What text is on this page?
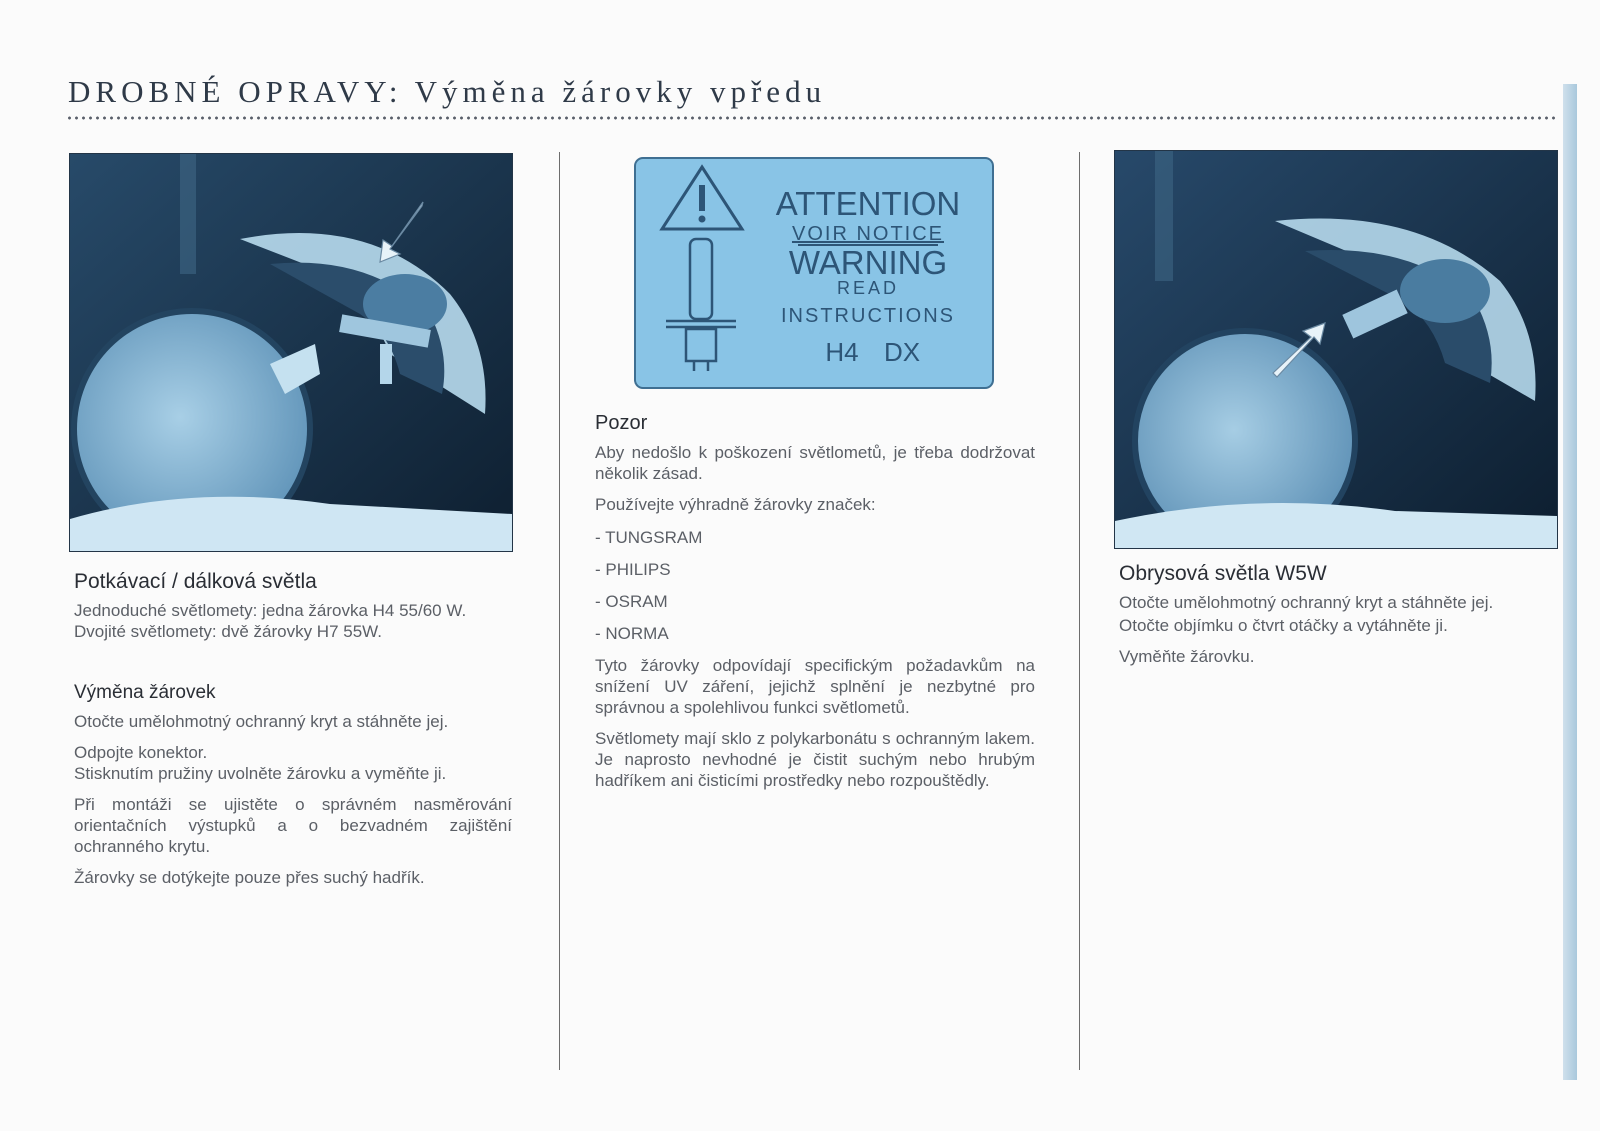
DROBNÉ OPRAVY: Výměna žárovky vpředu
Potkávací / dálková světla

Jednoduché světlomety: jedna žárovka H4 55/60 W.

Dvojité světlomety: dvě žárovky H7 55W.

Výměna žárovek

Otočte umělohmotný ochranný kryt a stáhněte jej.

Odpojte konektor.

Stisknutím pružiny uvolněte žárovku a vyměňte ji.

Při montáži se ujistěte o správném nasměrování orientačních výstupků a o bezvadném zajištění ochranného krytu.

Žárovky se dotýkejte pouze přes suchý hadřík.

ATTENTION
VOIR NOTICE
WARNING
READ
INSTRUCTIONS
H4 DX
Pozor

Aby nedošlo k poškození světlometů, je třeba dodržovat několik zásad.

Používejte výhradně žárovky značek:

- TUNGSRAM

- PHILIPS

- OSRAM

- NORMA

Tyto žárovky odpovídají specifickým požadavkům na snížení UV záření, jejichž splnění je nezbytné pro správnou a spolehlivou funkci světlometů.

Světlomety mají sklo z polykarbonátu s ochranným lakem. Je naprosto nevhodné je čistit suchým nebo hrubým hadříkem ani čisticími prostředky nebo rozpouštědly.

Obrysová světla W5W

Otočte umělohmotný ochranný kryt a stáhněte jej.

Otočte objímku o čtvrt otáčky a vytáhněte ji.

Vyměňte žárovku.
